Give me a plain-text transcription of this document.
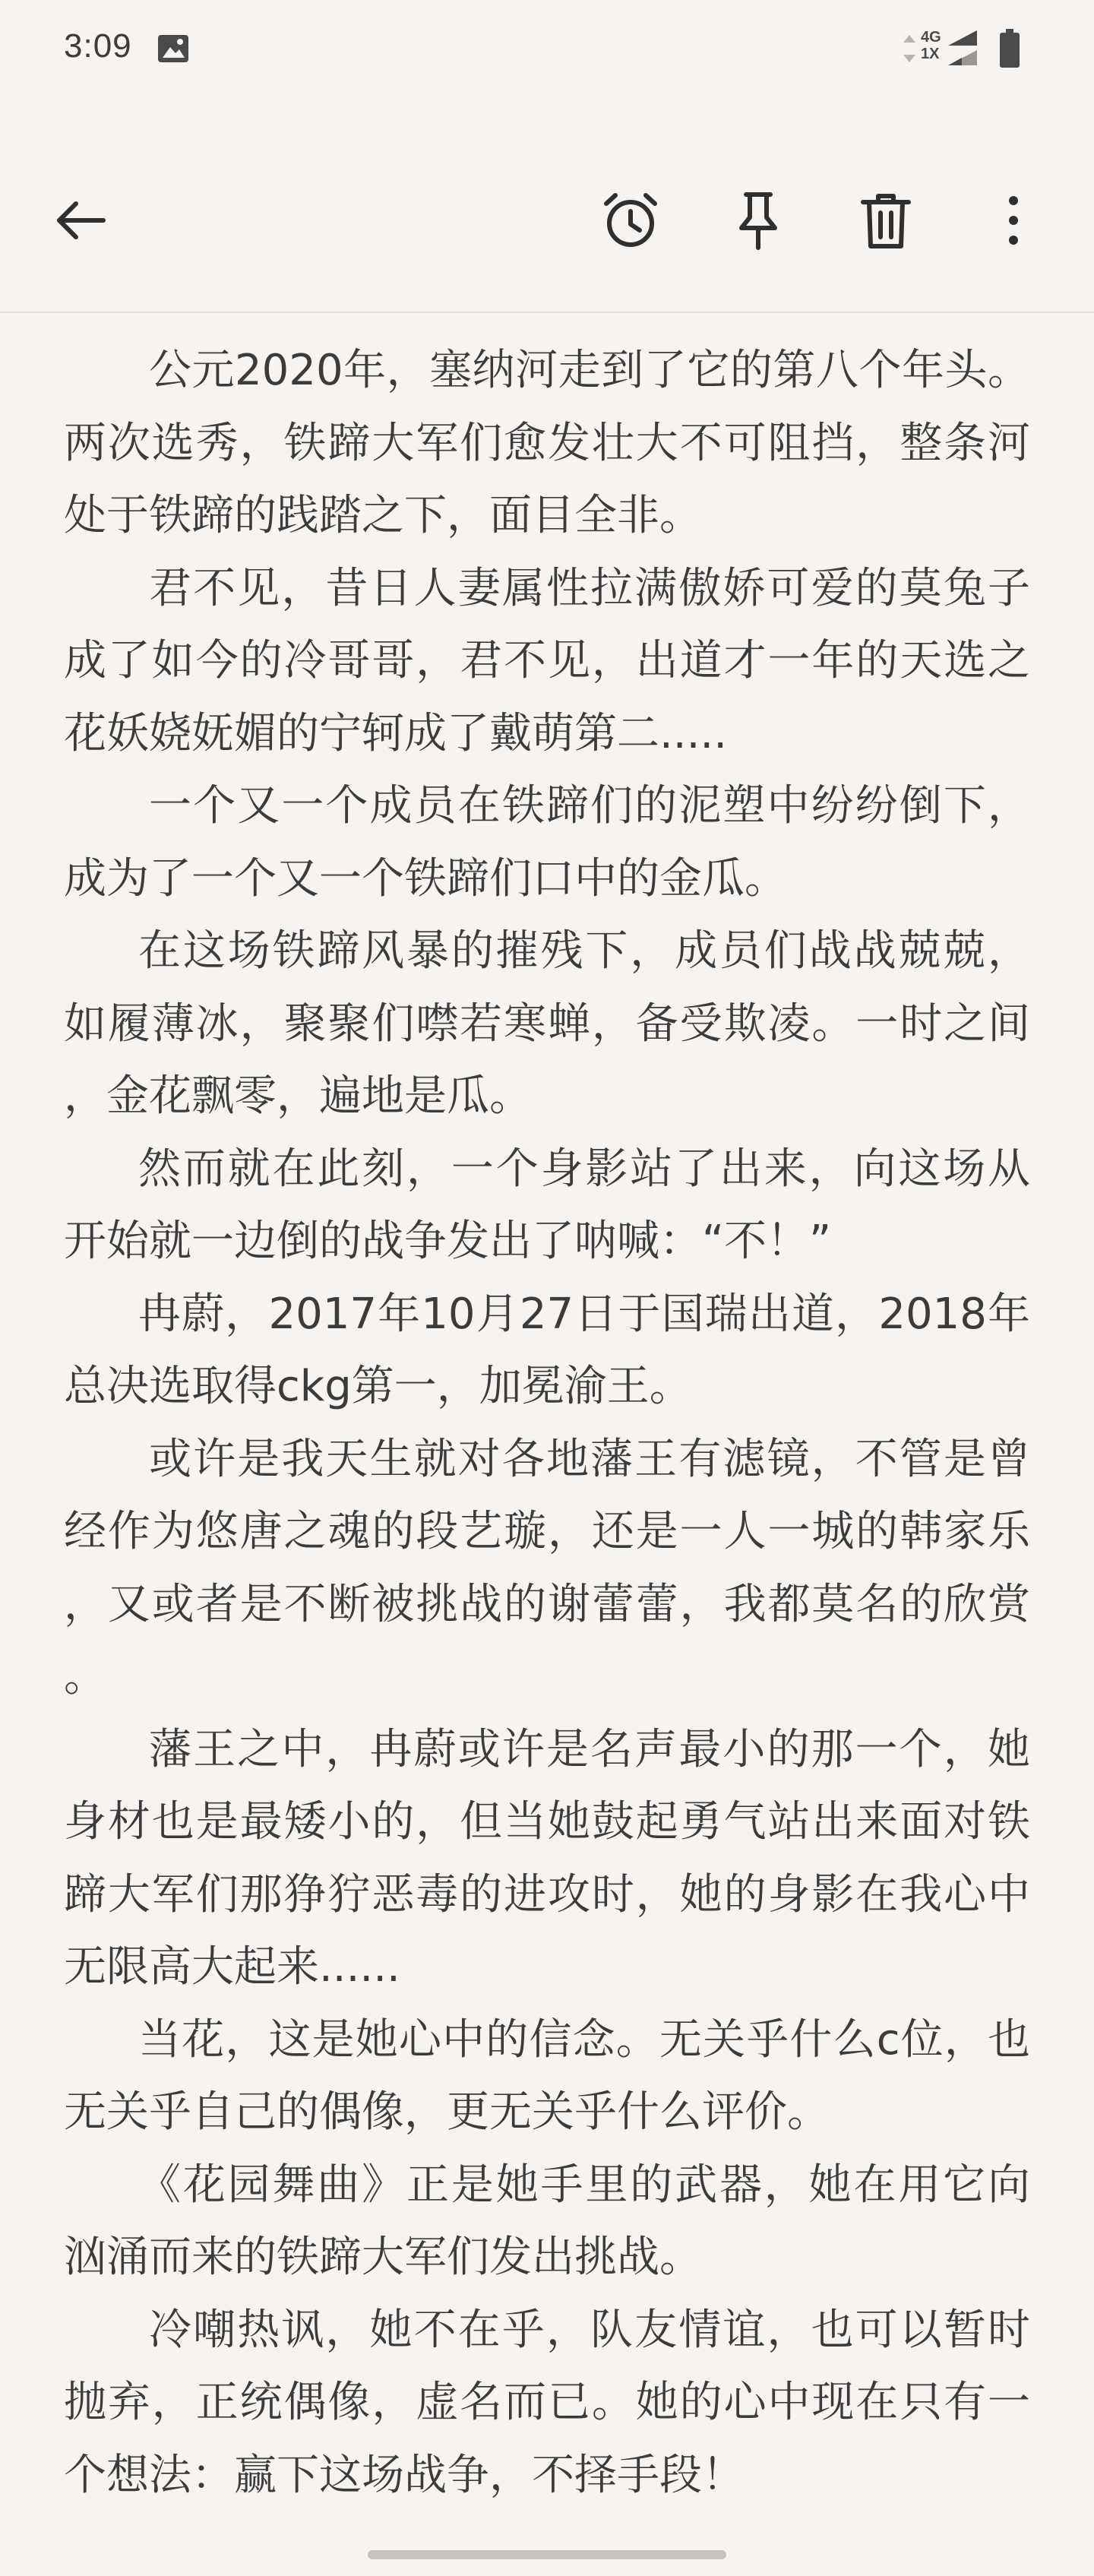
3:09	4G
1X

公元2020年，塞纳河走到了它的第八个年头。两次选秀，铁蹄大军们愈发壮大不可阻挡，整条河处于铁蹄的践踏之下，面目全非。

君不见，昔日人妻属性拉满傲娇可爱的莫兔子成了如今的冷哥哥，君不见，出道才一年的天选之花妖娆妩媚的宁轲成了戴萌第二.....

一个又一个成员在铁蹄们的泥塑中纷纷倒下，成为了一个又一个铁蹄们口中的金瓜。

在这场铁蹄风暴的摧残下，成员们战战兢兢，如履薄冰，聚聚们噤若寒蝉，备受欺凌。一时之间，金花飘零，遍地是瓜。

然而就在此刻，一个身影站了出来，向这场从开始就一边倒的战争发出了呐喊：“不！”

冉蔚，2017年10月27日于国瑞出道，2018年总决选取得ckg第一，加冕渝王。

或许是我天生就对各地藩王有滤镜，不管是曾经作为悠唐之魂的段艺璇，还是一人一城的韩家乐，又或者是不断被挑战的谢蕾蕾，我都莫名的欣赏。

藩王之中，冉蔚或许是名声最小的那一个，她身材也是最矮小的，但当她鼓起勇气站出来面对铁蹄大军们那狰狞恶毒的进攻时，她的身影在我心中无限高大起来......

当花，这是她心中的信念。无关乎什么c位，也无关乎自己的偶像，更无关乎什么评价。

《花园舞曲》正是她手里的武器，她在用它向汹涌而来的铁蹄大军们发出挑战。

冷嘲热讽，她不在乎，队友情谊，也可以暂时抛弃，正统偶像，虚名而已。她的心中现在只有一个想法：赢下这场战争，不择手段！
